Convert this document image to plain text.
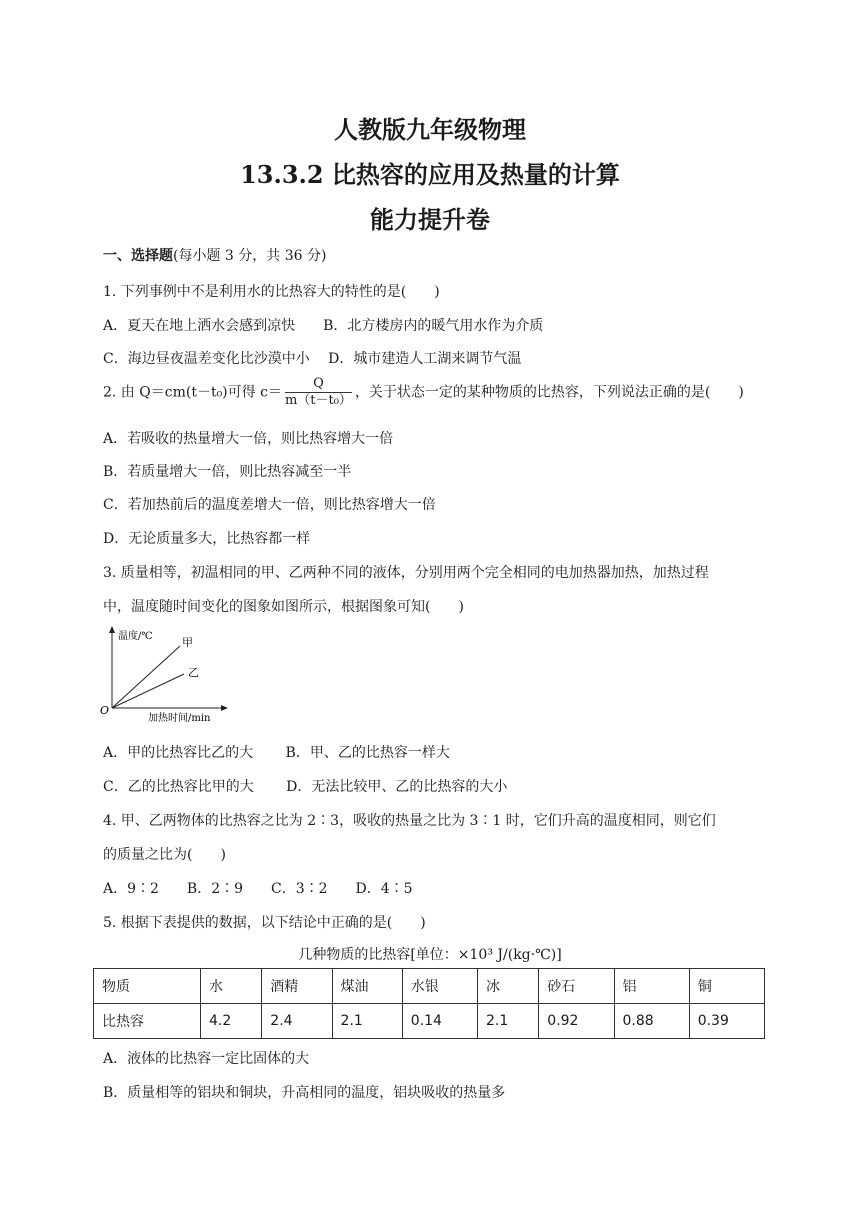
人教版九年级物理
13.3.2 比热容的应用及热量的计算
能力提升卷
一、选择题(每小题 3 分，共 36 分)
1. 下列事例中不是利用水的比热容大的特性的是(　　)
A．夏天在地上洒水会感到凉快　　B．北方楼房内的暖气用水作为介质
C．海边昼夜温差变化比沙漠中小　 D．城市建造人工湖来调节气温
2. 由 Q＝cm(t－t₀)可得 $c= \frac{Q}{\text{m（t－t₀）}}$ ，关于状态一定的某种物质的比热容，下列说法正确的是(　　)
A．若吸收的热量增大一倍，则比热容增大一倍
B．若质量增大一倍，则比热容减至一半
C．若加热前后的温度差增大一倍，则比热容增大一倍
D．无论质量多大，比热容都一样
3. 质量相等，初温相同的甲、乙两种不同的液体，分别用两个完全相同的电加热器加热，加热过程
中，温度随时间变化的图象如图所示，根据图象可知(　　)
温度/℃	甲
乙
O
加热时间/min
A．甲的比热容比乙的大　　 B．甲、乙的比热容一样大
C．乙的比热容比甲的大　　 D．无法比较甲、乙的比热容的大小
4. 甲、乙两物体的比热容之比为 2∶3，吸收的热量之比为 3∶1 时，它们升高的温度相同，则它们
的质量之比为(　　)
A．9∶2　　B．2∶9　　C．3∶2　　D．4∶5
5. 根据下表提供的数据，以下结论中正确的是(　　)
几种物质的比热容[单位：×10³ J/(kg·℃)]
物质	水	酒精	煤油	水银	冰	砂石	铝	铜
比热容	4.2	2.4	2.1	0.14	2.1	0.92	0.88	0.39
A．液体的比热容一定比固体的大
B．质量相等的铝块和铜块，升高相同的温度，铝块吸收的热量多
